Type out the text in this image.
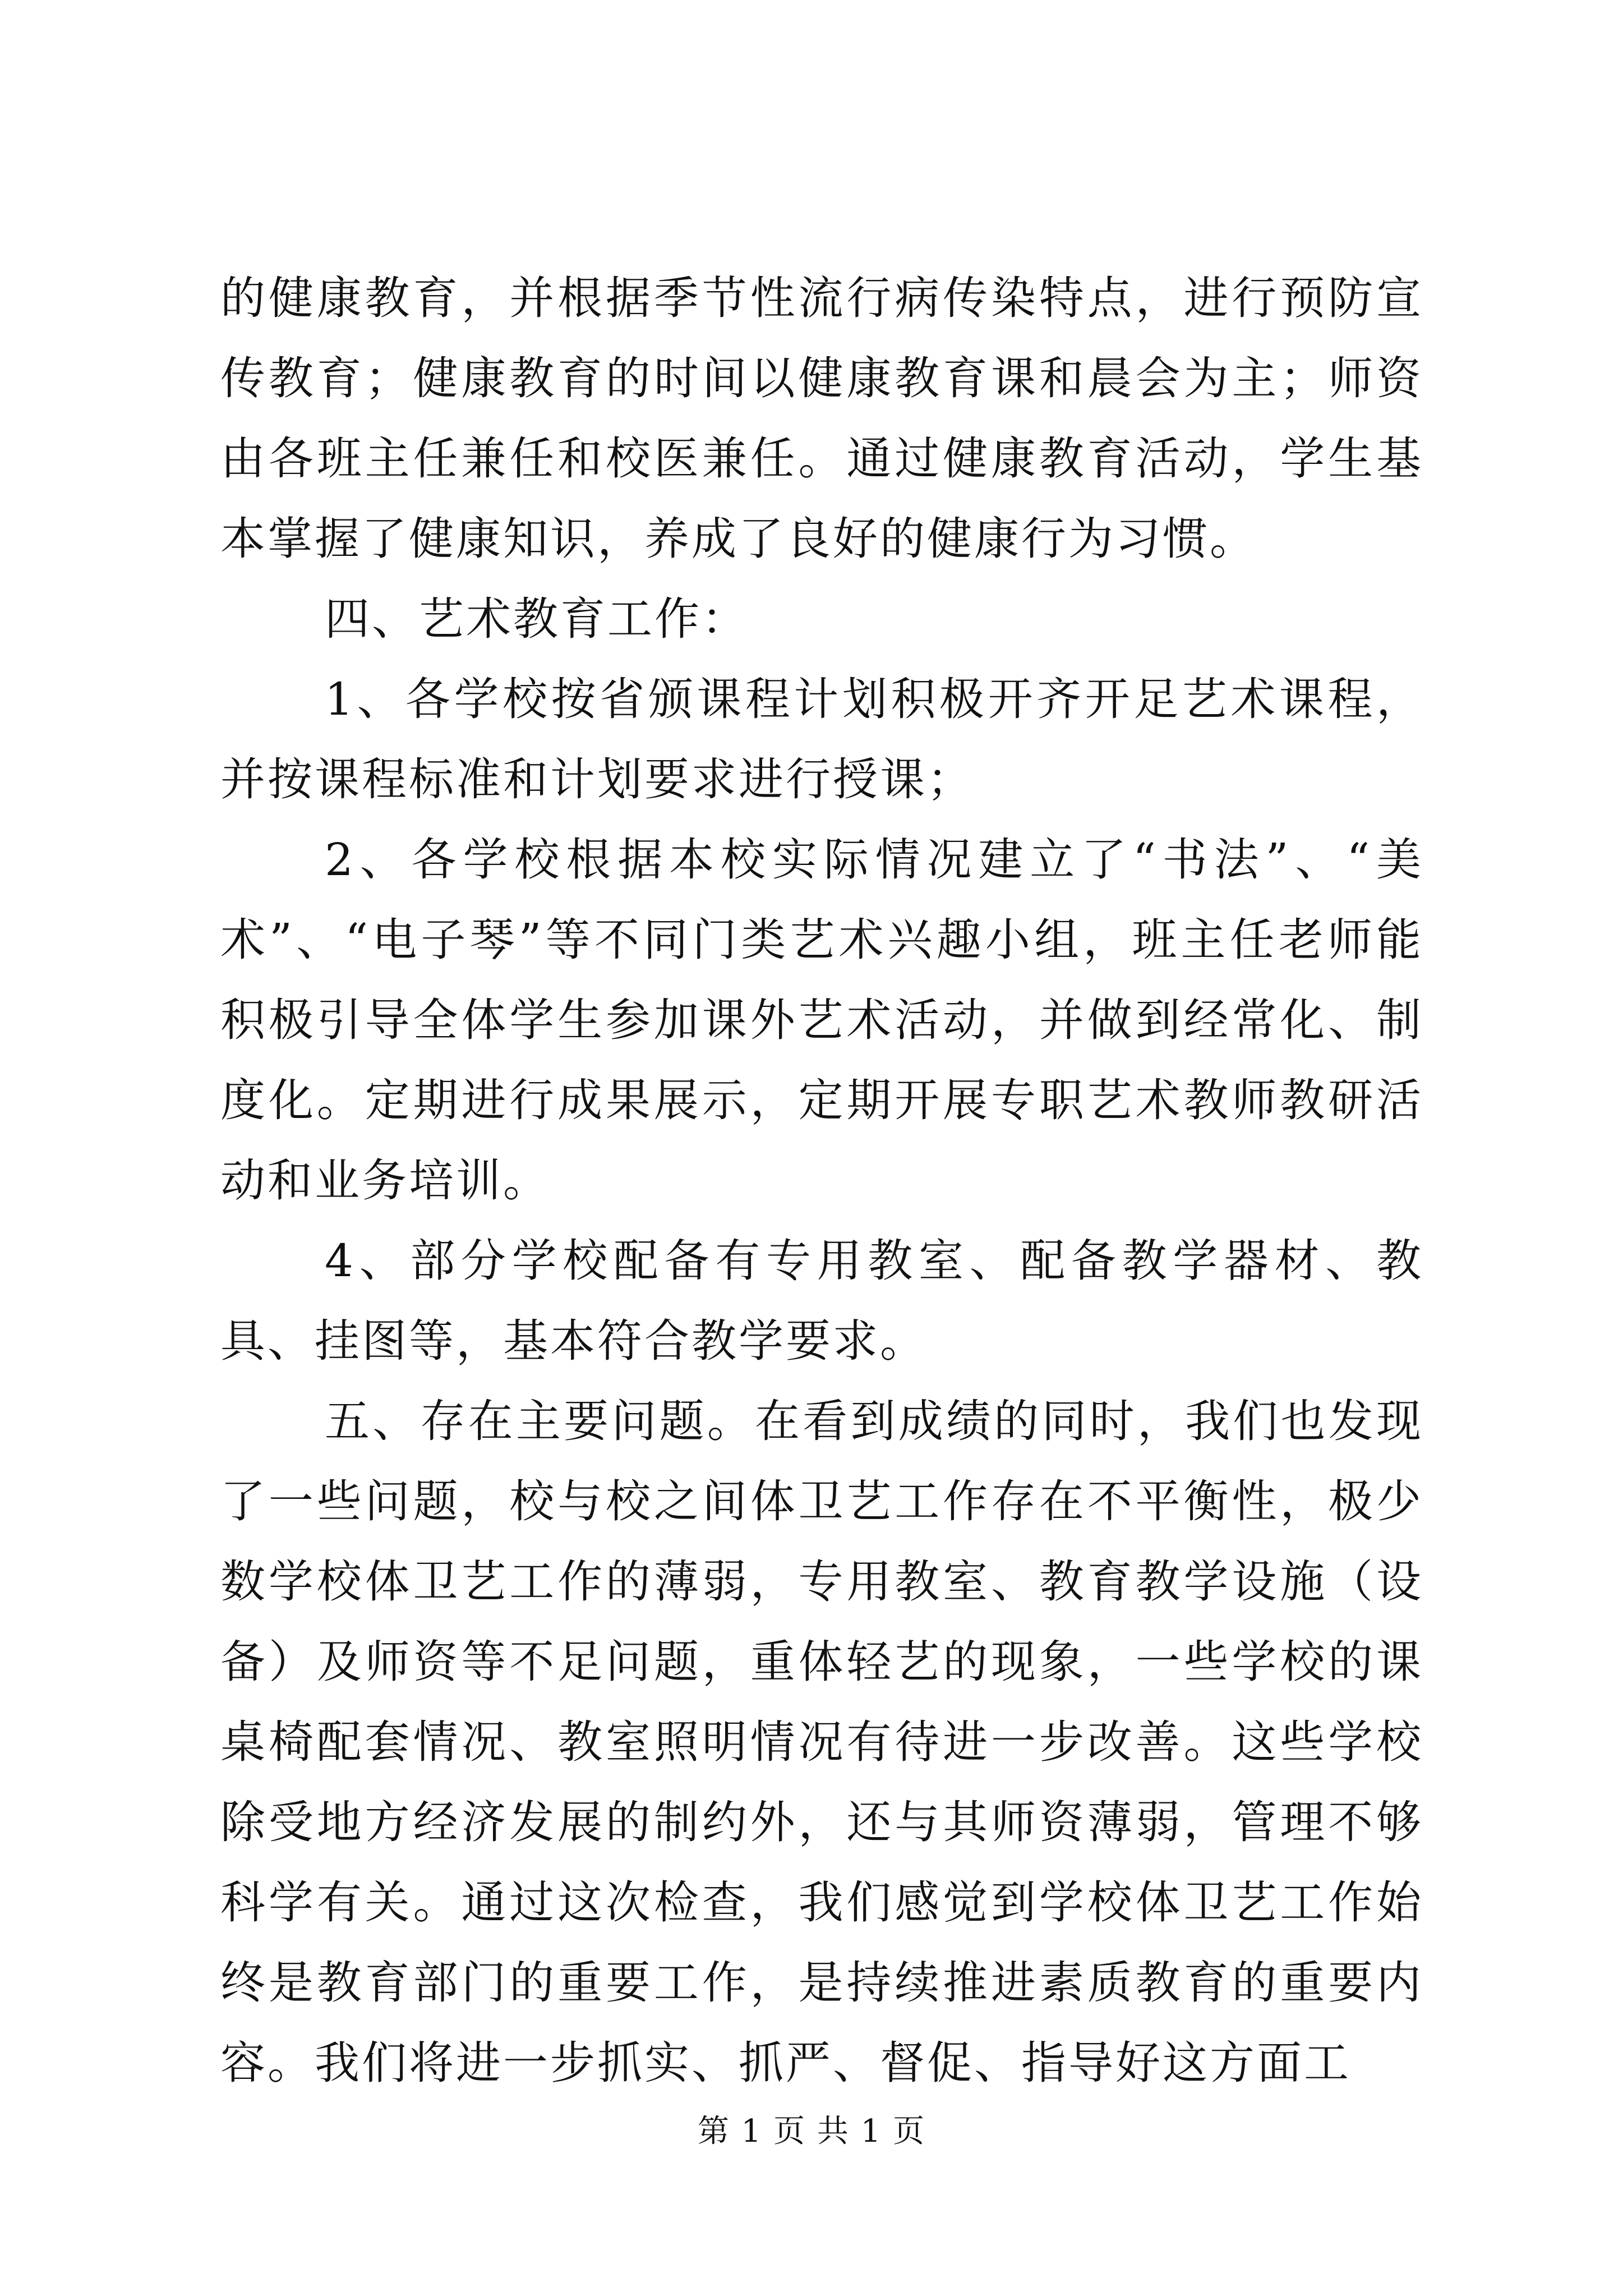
的健康教育，并根据季节性流行病传染特点，进行预防宣传教育；健康教育的时间以健康教育课和晨会为主；师资由各班主任兼任和校医兼任。通过健康教育活动，学生基本掌握了健康知识，养成了良好的健康行为习惯。

四、艺术教育工作：

1、各学校按省颁课程计划积极开齐开足艺术课程，并按课程标准和计划要求进行授课；

2、各学校根据本校实际情况建立了“书法”、“美术”、“电子琴”等不同门类艺术兴趣小组，班主任老师能积极引导全体学生参加课外艺术活动，并做到经常化、制度化。定期进行成果展示，定期开展专职艺术教师教研活动和业务培训。

4、部分学校配备有专用教室、配备教学器材、教具、挂图等，基本符合教学要求。

五、存在主要问题。在看到成绩的同时，我们也发现了一些问题，校与校之间体卫艺工作存在不平衡性，极少数学校体卫艺工作的薄弱，专用教室、教育教学设施（设备）及师资等不足问题，重体轻艺的现象，一些学校的课桌椅配套情况、教室照明情况有待进一步改善。这些学校除受地方经济发展的制约外，还与其师资薄弱，管理不够科学有关。通过这次检查，我们感觉到学校体卫艺工作始终是教育部门的重要工作，是持续推进素质教育的重要内容。我们将进一步抓实、抓严、督促、指导好这方面工

第 1 页 共 1 页
